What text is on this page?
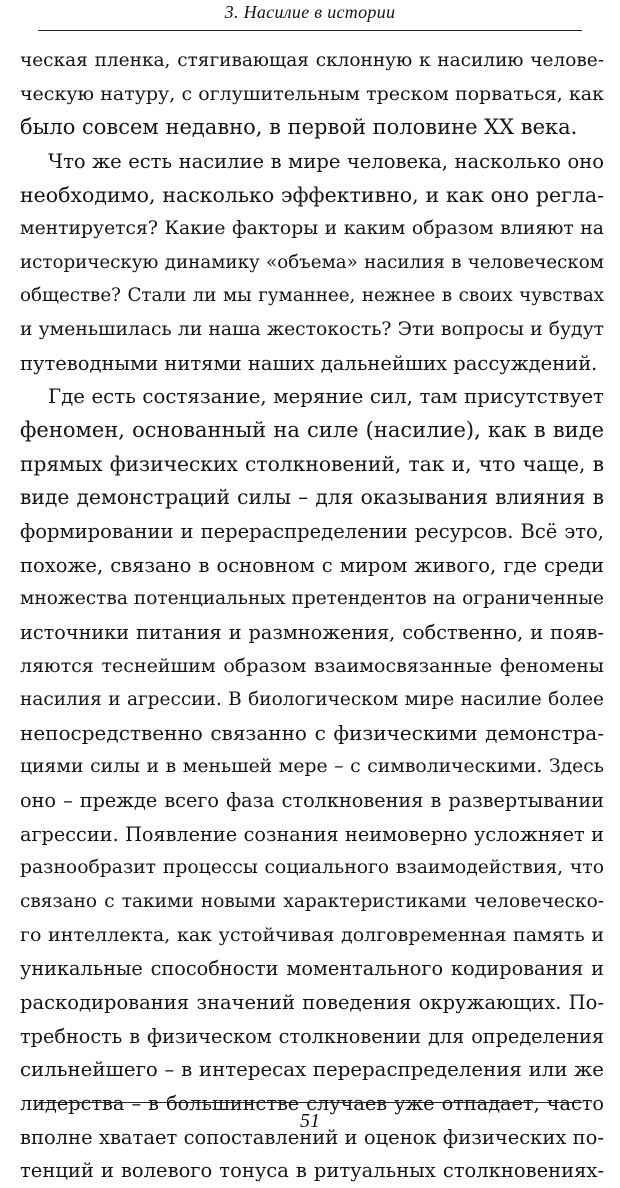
3. Насилие в истории
ческая пленка, стягивающая склонную к насилию челове-
ческую натуру, с оглушительным треском порваться, как
было совсем недавно, в первой половине XX века.
Что же есть насилие в мире человека, насколько оно
необходимо, насколько эффективно, и как оно регла-
ментируется? Какие факторы и каким образом влияют на
историческую динамику «объема» насилия в человеческом
обществе? Стали ли мы гуманнее, нежнее в своих чувствах
и уменьшилась ли наша жестокость? Эти вопросы и будут
путеводными нитями наших дальнейших рассуждений.
Где есть состязание, меряние сил, там присутствует
феномен, основанный на силе (насилие), как в виде
прямых физических столкновений, так и, что чаще, в
виде демонстраций силы – для оказывания влияния в
формировании и перераспределении ресурсов. Всё это,
похоже, связано в основном с миром живого, где среди
множества потенциальных претендентов на ограниченные
источники питания и размножения, собственно, и появ-
ляются теснейшим образом взаимосвязанные феномены
насилия и агрессии. В биологическом мире насилие более
непосредственно связанно с физическими демонстра-
циями силы и в меньшей мере – с символическими. Здесь
оно – прежде всего фаза столкновения в развертывании
агрессии. Появление сознания неимоверно усложняет и
разнообразит процессы социального взаимодействия, что
связано с такими новыми характеристиками человеческо-
го интеллекта, как устойчивая долговременная память и
уникальные способности моментального кодирования и
раскодирования значений поведения окружающих. По-
требность в физическом столкновении для определения
сильнейшего – в интересах перераспределения или же
лидерства – в большинстве случаев уже отпадает, часто
вполне хватает сопоставлений и оценок физических по-
тенций и волевого тонуса в ритуальных столкновениях-
51
